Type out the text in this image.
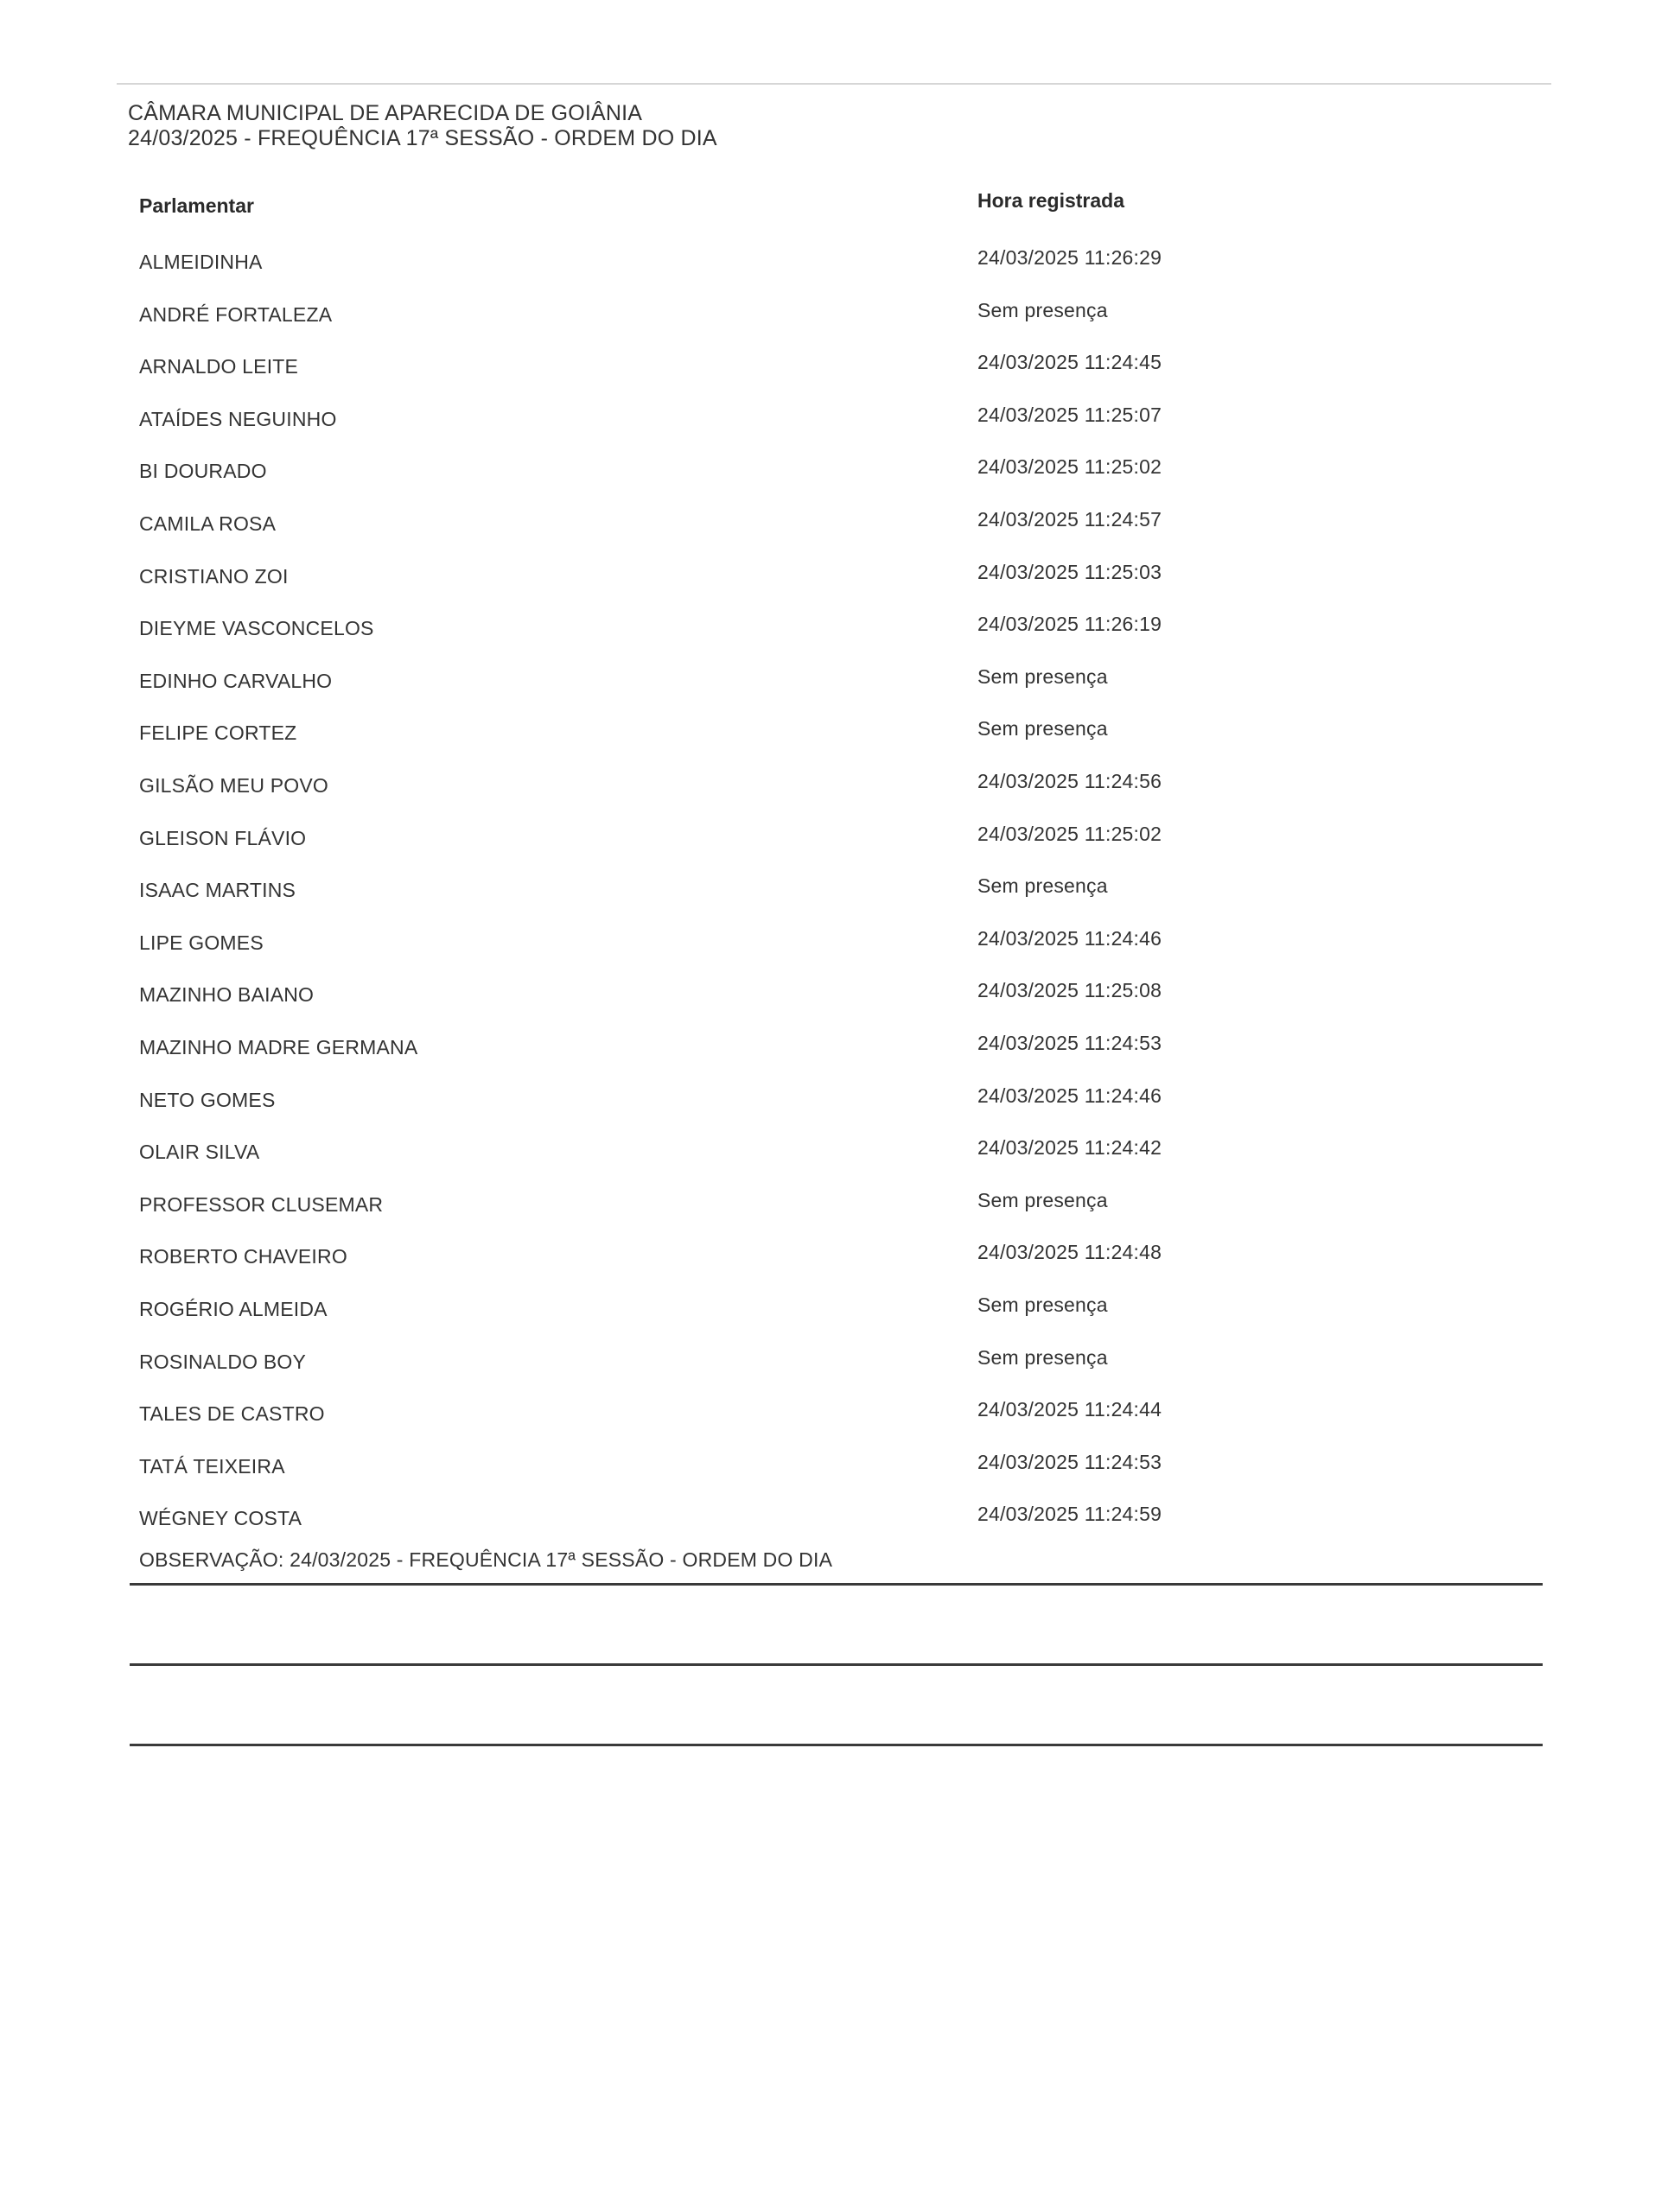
CÂMARA MUNICIPAL DE APARECIDA DE GOIÂNIA
24/03/2025 - FREQUÊNCIA 17ª SESSÃO - ORDEM DO DIA
Parlamentar	Hora registrada
ALMEIDINHA	24/03/2025 11:26:29
ANDRÉ FORTALEZA	Sem presença
ARNALDO LEITE	24/03/2025 11:24:45
ATAÍDES NEGUINHO	24/03/2025 11:25:07
BI DOURADO	24/03/2025 11:25:02
CAMILA ROSA	24/03/2025 11:24:57
CRISTIANO ZOI	24/03/2025 11:25:03
DIEYME VASCONCELOS	24/03/2025 11:26:19
EDINHO CARVALHO	Sem presença
FELIPE CORTEZ	Sem presença
GILSÃO MEU POVO	24/03/2025 11:24:56
GLEISON FLÁVIO	24/03/2025 11:25:02
ISAAC MARTINS	Sem presença
LIPE GOMES	24/03/2025 11:24:46
MAZINHO BAIANO	24/03/2025 11:25:08
MAZINHO MADRE GERMANA	24/03/2025 11:24:53
NETO GOMES	24/03/2025 11:24:46
OLAIR SILVA	24/03/2025 11:24:42
PROFESSOR CLUSEMAR	Sem presença
ROBERTO CHAVEIRO	24/03/2025 11:24:48
ROGÉRIO ALMEIDA	Sem presença
ROSINALDO BOY	Sem presença
TALES DE CASTRO	24/03/2025 11:24:44
TATÁ TEIXEIRA	24/03/2025 11:24:53
WÉGNEY COSTA	24/03/2025 11:24:59
OBSERVAÇÃO: 24/03/2025 - FREQUÊNCIA 17ª SESSÃO - ORDEM DO DIA
